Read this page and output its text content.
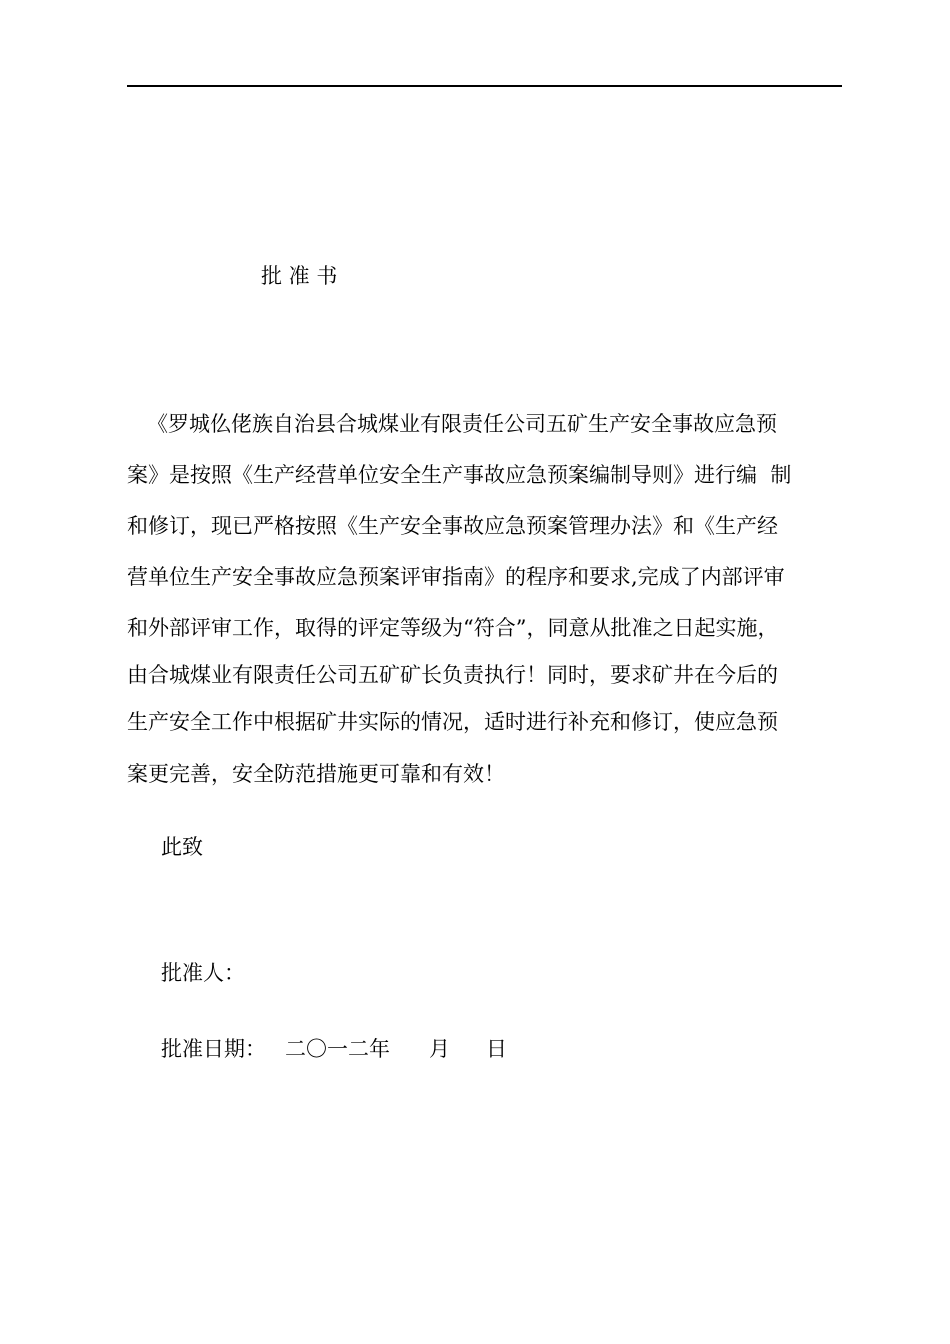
批 准 书
《罗城仫佬族自治县合城煤业有限责任公司五矿生产安全事故应急预
案》是按照《生产经营单位安全生产事故应急预案编制导则》进行编  制
和修订，现已严格按照《生产安全事故应急预案管理办法》和《生产经
营单位生产安全事故应急预案评审指南》的程序和要求,完成了内部评审
和外部评审工作，取得的评定等级为“符合”，同意从批准之日起实施，
由合城煤业有限责任公司五矿矿长负责执行！同时，要求矿井在今后的
生产安全工作中根据矿井实际的情况，适时进行补充和修订，使应急预
案更完善，安全防范措施更可靠和有效！
此致
批准人：
批准日期： 二〇一二年 月 日
